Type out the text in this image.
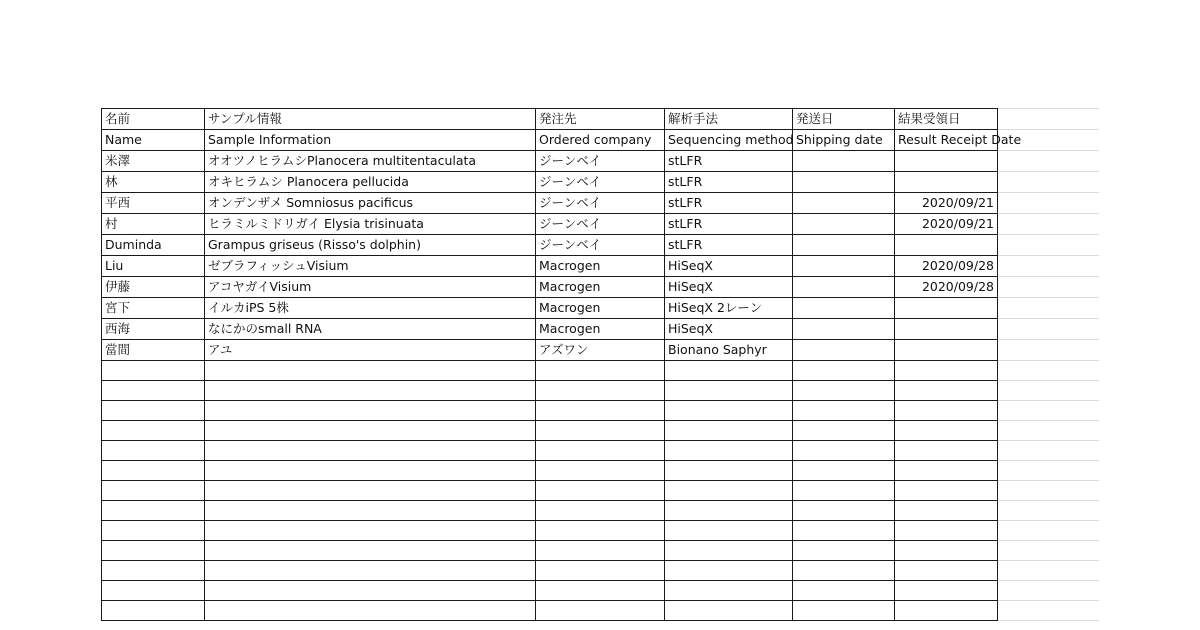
名前	サンプル情報	発注先	解析手法	発送日	結果受領日	
Name	Sample Information	Ordered company	Sequencing method	Shipping date	Result Receipt Date	
米澤	オオツノヒラムシPlanocera multitentaculata	ジーンベイ	stLFR			
林	オキヒラムシ Planocera pellucida	ジーンベイ	stLFR			
平西	オンデンザメ Somniosus pacificus	ジーンベイ	stLFR		2020/09/21	
村	ヒラミルミドリガイ Elysia trisinuata	ジーンベイ	stLFR		2020/09/21	
Duminda	Grampus griseus (Risso's dolphin)	ジーンベイ	stLFR			
Liu	ゼブラフィッシュVisium	Macrogen	HiSeqX		2020/09/28	
伊藤	アコヤガイVisium	Macrogen	HiSeqX		2020/09/28	
宮下	イルカiPS 5株	Macrogen	HiSeqX 2レーン			
西海	なにかのsmall RNA	Macrogen	HiSeqX			
當間	アユ	アズワン	Bionano Saphyr			
